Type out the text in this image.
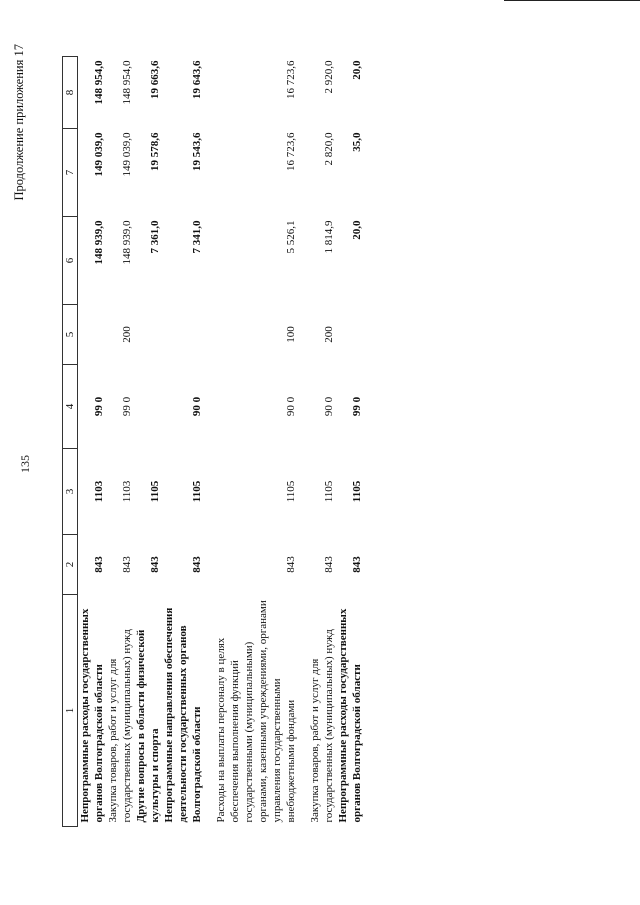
135
Продолжение приложения 17
1	2	3	4	5	6	7	8
Непрограммные расходы государственных органов Волгоградской области	843	1103	99 0		148 939,0	149 039,0	148 954,0
Закупка товаров, работ и услуг для государственных (муниципальных) нужд	843	1103	99 0	200	148 939,0	149 039,0	148 954,0
Другие вопросы в области физической культуры и спорта	843	1105			7 361,0	19 578,6	19 663,6
Непрограммные направления обеспечения деятельности государственных органов Волгоградской области	843	1105	90 0		7 341,0	19 543,6	19 643,6

Расходы на выплаты персоналу в целях обеспечения выполнения функций государственными (муниципальными) органами, казенными учреждениями, органами управления государственными внебюджетными фондами	843	1105	90 0	100	5 526,1	16 723,6	16 723,6

Закупка товаров, работ и услуг для государственных (муниципальных) нужд	843	1105	90 0	200	1 814,9	2 820,0	2 920,0
Непрограммные расходы государственных органов Волгоградской области	843	1105	99 0		20,0	35,0	20,0
